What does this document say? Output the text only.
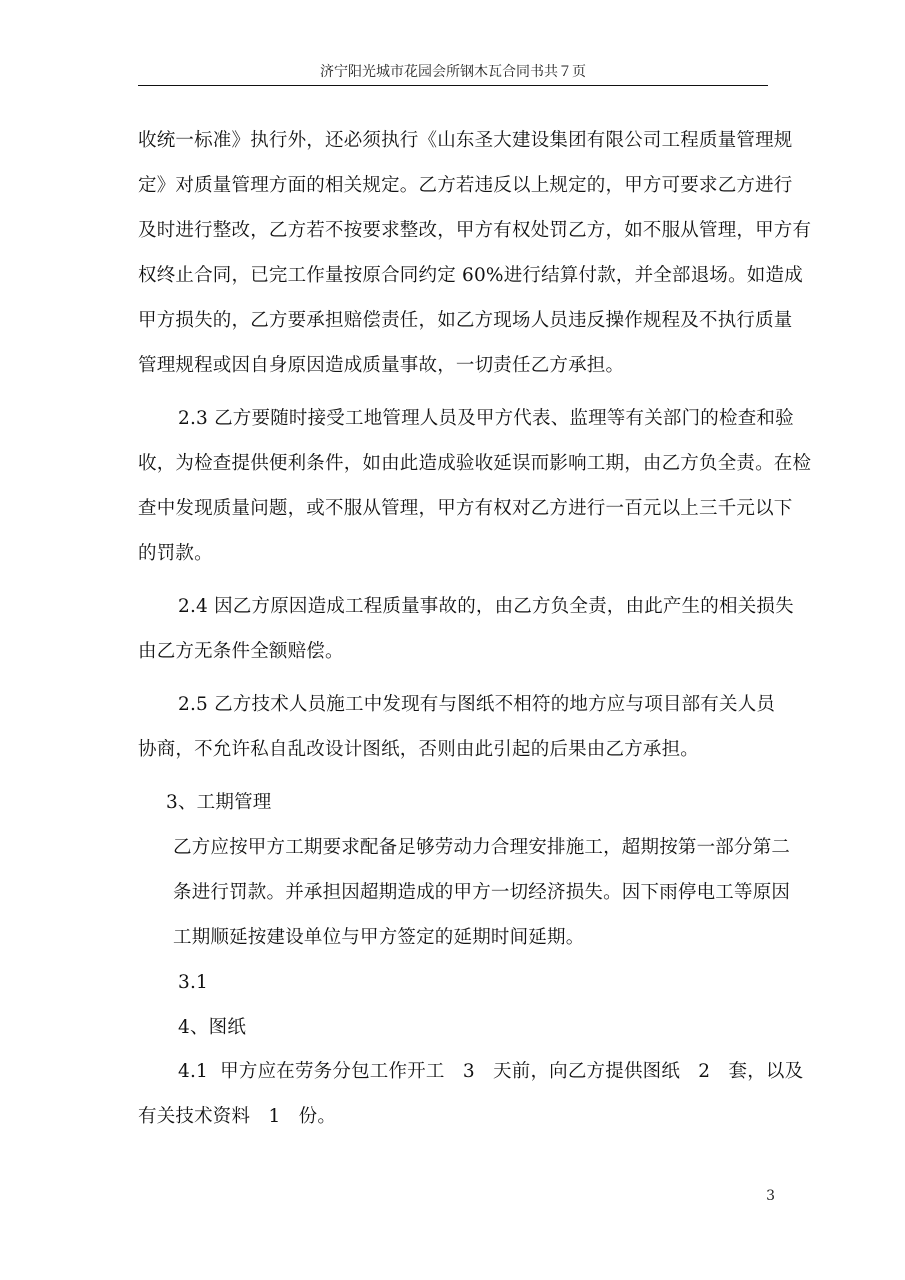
济宁阳光城市花园会所钢木瓦合同书共７页
收统一标准》执行外，还必须执行《山东圣大建设集团有限公司工程质量管理规
定》对质量管理方面的相关规定。乙方若违反以上规定的，甲方可要求乙方进行
及时进行整改，乙方若不按要求整改，甲方有权处罚乙方，如不服从管理，甲方有
权终止合同，已完工作量按原合同约定 60%进行结算付款，并全部退场。如造成
甲方损失的，乙方要承担赔偿责任，如乙方现场人员违反操作规程及不执行质量
管理规程或因自身原因造成质量事故，一切责任乙方承担。
2.3 乙方要随时接受工地管理人员及甲方代表、监理等有关部门的检查和验
收，为检查提供便利条件，如由此造成验收延误而影响工期，由乙方负全责。在检
查中发现质量问题，或不服从管理，甲方有权对乙方进行一百元以上三千元以下
的罚款。
2.4 因乙方原因造成工程质量事故的，由乙方负全责，由此产生的相关损失
由乙方无条件全额赔偿。
2.5 乙方技术人员施工中发现有与图纸不相符的地方应与项目部有关人员
协商，不允许私自乱改设计图纸，否则由此引起的后果由乙方承担。
3、工期管理
乙方应按甲方工期要求配备足够劳动力合理安排施工，超期按第一部分第二
条进行罚款。并承担因超期造成的甲方一切经济损失。因下雨停电工等原因
工期顺延按建设单位与甲方签定的延期时间延期。
3.1
4、图纸
4.1  甲方应在劳务分包工作开工   3   天前，向乙方提供图纸   2   套，以及
有关技术资料   1   份。
3
